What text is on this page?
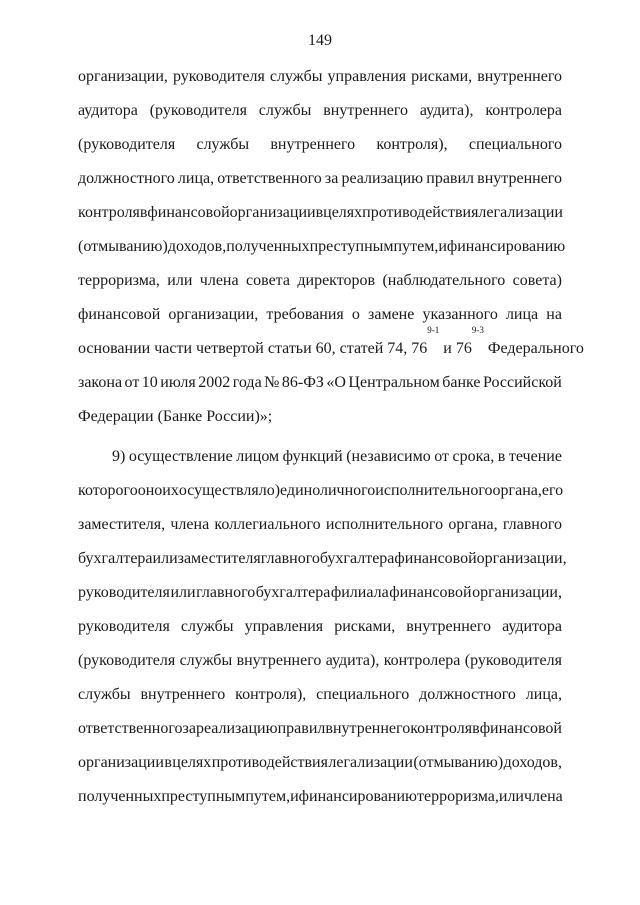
149
организации, руководителя службы управления рисками, внутреннего
аудитора (руководителя службы внутреннего аудита), контролера
(руководителя службы внутреннего контроля), специального
должностного лица, ответственного за реализацию правил внутреннего
контроля в финансовой организации в целях противодействия легализации
(отмыванию) доходов, полученных преступным путем, и финансированию
терроризма, или члена совета директоров (наблюдательного совета)
финансовой организации, требования о замене указанного лица на
основании части четвертой статьи 60, статей 74, 76
$^{9-1}$
и 76
$^{9-3}$
Федерального
закона от 10 июля 2002 года № 86-ФЗ «О Центральном банке Российской
Федерации (Банке России)»;
9) осуществление лицом функций (независимо от срока, в течение
которого оно их осуществляло) единоличного исполнительного органа, его
заместителя, члена коллегиального исполнительного органа, главного
бухгалтера или заместителя главного бухгалтера финансовой организации,
руководителя или главного бухгалтера филиала финансовой организации,
руководителя службы управления рисками, внутреннего аудитора
(руководителя службы внутреннего аудита), контролера (руководителя
службы внутреннего контроля), специального должностного лица,
ответственного за реализацию правил внутреннего контроля в финансовой
организации в целях противодействия легализации (отмыванию) доходов,
полученных преступным путем, и финансированию терроризма, или члена
